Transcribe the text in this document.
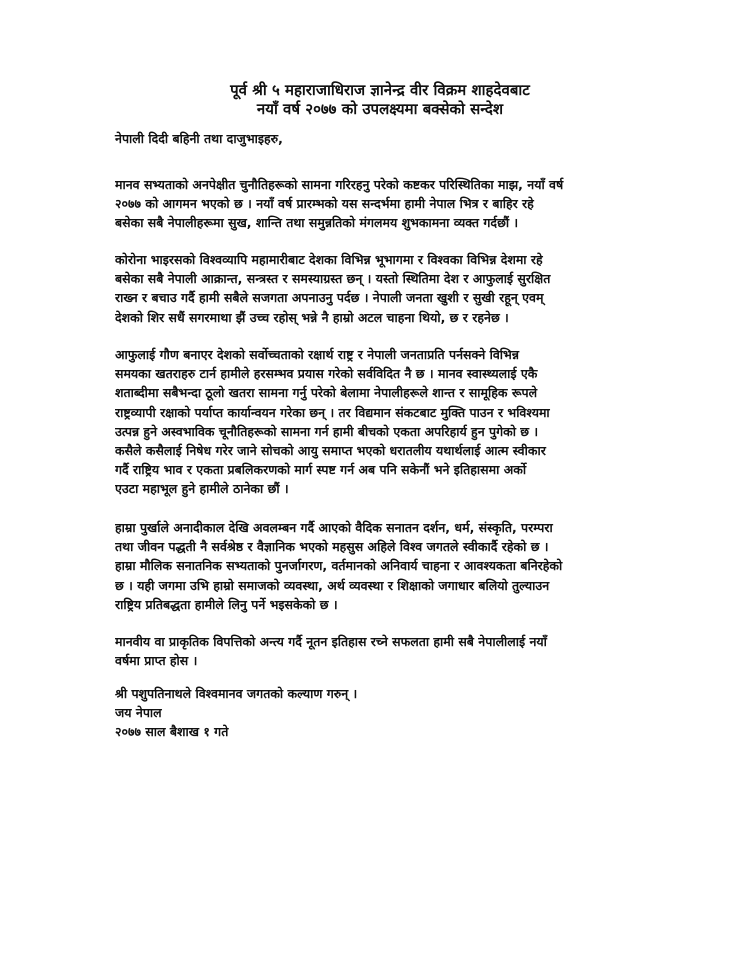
पूर्व श्री ५ महाराजाधिराज ज्ञानेन्द्र वीर विक्रम शाहदेवबाट
नयाँ वर्ष २०७७ को उपलक्ष्यमा बक्सेको सन्देश

नेपाली दिदी बहिनी तथा दाजुभाइहरु,

मानव सभ्यताको अनपेक्षीत चुनौतिहरूको सामना गरिरहनु परेको कष्टकर परिस्थितिका माझ, नयाँ वर्ष
२०७७ को आगमन भएको छ । नयाँ वर्ष प्रारम्भको यस सन्दर्भमा हामी नेपाल भित्र र बाहिर रहे
बसेका सबै नेपालीहरूमा सुख, शान्ति तथा समुन्नतिको मंगलमय शुभकामना व्यक्त गर्दछौं ।
कोरोना भाइरसको विश्वव्यापि महामारीबाट देशका विभिन्न भूभागमा र विश्वका विभिन्न देशमा रहे
बसेका सबै नेपाली आक्रान्त, सन्त्रस्त र समस्याग्रस्त छन् । यस्तो स्थितिमा देश र आफुलाई सुरक्षित
राख्न र बचाउ गर्दै हामी सबैले सजगता अपनाउनु पर्दछ । नेपाली जनता खुशी र सुखी रहून् एवम्
देशको शिर सधैं सगरमाथा झैं उच्च रहोस् भन्ने नै हाम्रो अटल चाहना थियो, छ र रहनेछ ।
आफुलाई गौण बनाएर देशको सर्वोच्चताको रक्षार्थ राष्ट्र र नेपाली जनताप्रति पर्नसक्ने विभिन्न
समयका खतराहरु टार्न हामीले हरसम्भव प्रयास गरेको सर्वविदित नै छ । मानव स्वास्थ्यलाई एकै
शताब्दीमा सबैभन्दा ठूलो खतरा सामना गर्नु परेको बेलामा नेपालीहरूले शान्त र सामूहिक रूपले
राष्ट्रव्यापी रक्षाको पर्याप्त कार्यान्वयन गरेका छन् । तर विद्यमान संकटबाट मुक्ति पाउन र भविश्यमा
उत्पन्न हुने अस्वभाविक चूनौतिहरूको सामना गर्न हामी बीचको एकता अपरिहार्य हुन पुगेको छ ।
कसैले कसैलाई निषेध गरेर जाने सोचको आयु समाप्त भएको धरातलीय यथार्थलाई आत्म स्वीकार
गर्दै राष्ट्रिय भाव र एकता प्रबलिकरणको मार्ग स्पष्ट गर्न अब पनि सकेनौं भने इतिहासमा अर्को
एउटा महाभूल हुने हामीले ठानेका छौं ।
हाम्रा पुर्खाले अनादीकाल देखि अवलम्बन गर्दै आएको वैदिक सनातन दर्शन, धर्म, संस्कृति, परम्परा
तथा जीवन पद्धती नै सर्वश्रेष्ठ र वैज्ञानिक भएको महसुस अहिले विश्व जगतले स्वीकार्दै रहेको छ ।
हाम्रा मौलिक सनातनिक सभ्यताको पुनर्जागरण, वर्तमानको अनिवार्य चाहना र आवश्यकता बनिरहेको
छ । यही जगमा उभि हाम्रो समाजको व्यवस्था, अर्थ व्यवस्था र शिक्षाको जगाधार बलियो तुल्याउन
राष्ट्रिय प्रतिबद्धता हामीले लिनु पर्ने भइसकेको छ ।
मानवीय वा प्राकृतिक विपत्तिको अन्त्य गर्दै नूतन इतिहास रच्ने सफलता हामी सबै नेपालीलाई नयाँ
वर्षमा प्राप्त होस ।
श्री पशुपतिनाथले विश्वमानव जगतको कल्याण गरुन् ।
जय नेपाल
२०७७ साल बैशाख १ गते
